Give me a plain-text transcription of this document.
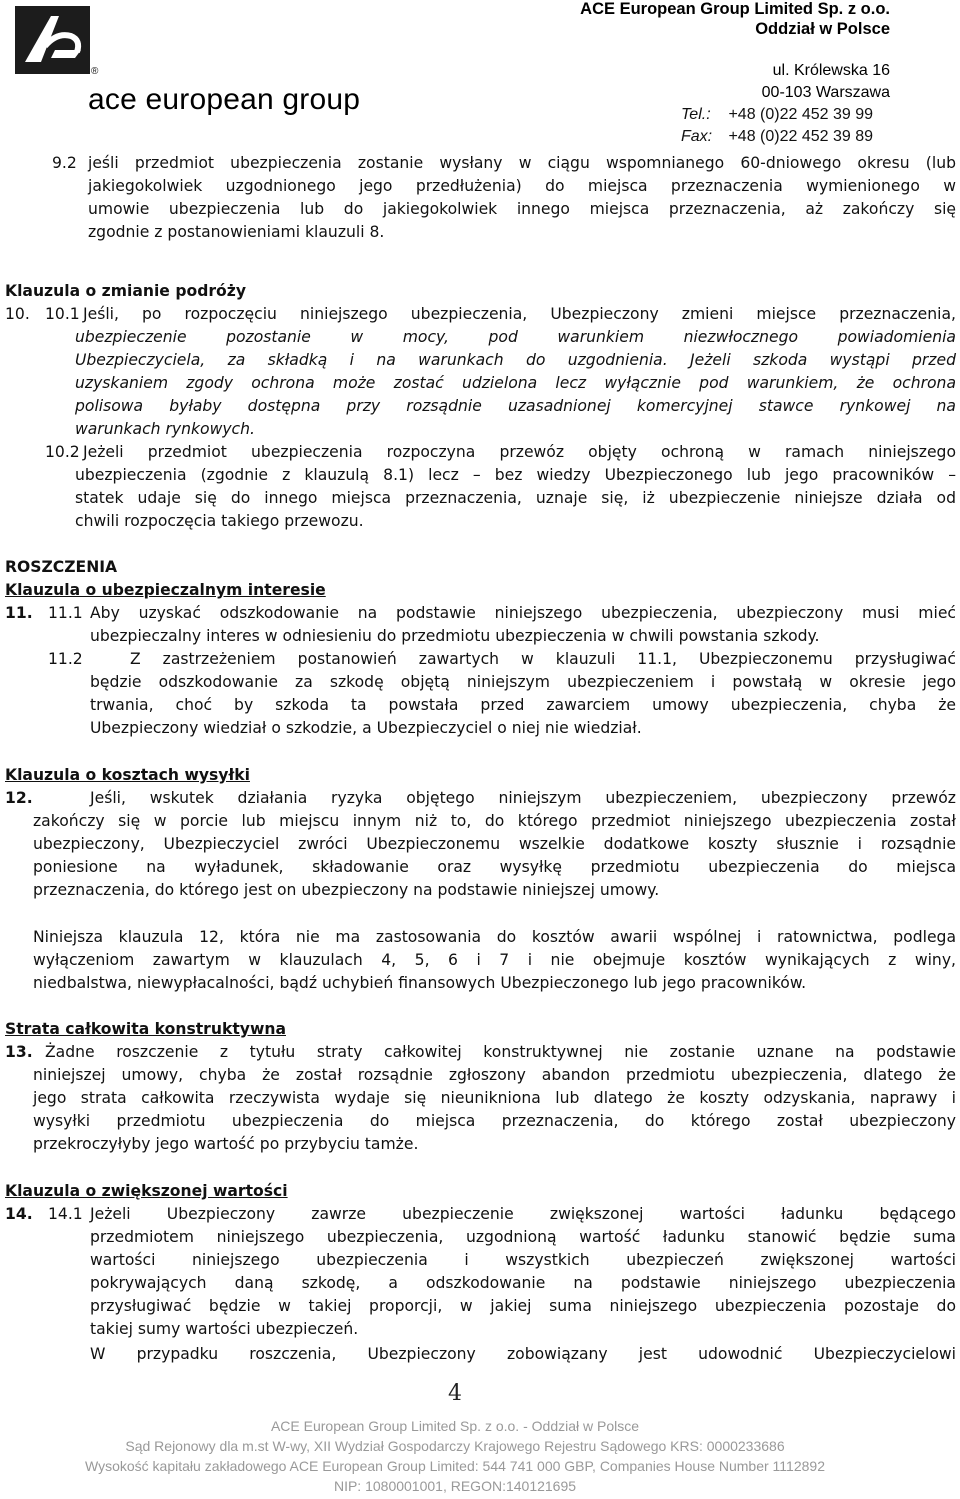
®
ace european group
ACE European Group Limited Sp. z o.o.
Oddział w Polsce
ul. Królewska 16
00-103 Warszawa
Tel.: +48 (0)22 452 39 99
Fax: +48 (0)22 452 39 89
9.2 jeśli przedmiot ubezpieczenia zostanie wysłany w ciągu wspomnianego 60-dniowego okresu (lub
jakiegokolwiek uzgodnionego jego przedłużenia) do miejsca przeznaczenia wymienionego w
umowie ubezpieczenia lub do jakiegokolwiek innego miejsca przeznaczenia, aż zakończy się
zgodnie z postanowieniami klauzuli 8.
Klauzula o zmianie podróży
10. 10.1 Jeśli, po rozpoczęciu niniejszego ubezpieczenia, Ubezpieczony zmieni miejsce przeznaczenia,
ubezpieczenie pozostanie w mocy, pod warunkiem niezwłocznego powiadomienia
Ubezpieczyciela, za składką i na warunkach do uzgodnienia. Jeżeli szkoda wystąpi przed
uzyskaniem zgody ochrona może zostać udzielona lecz wyłącznie pod warunkiem, że ochrona
polisowa byłaby dostępna przy rozsądnie uzasadnionej komercyjnej stawce rynkowej na
warunkach rynkowych.
10.2 Jeżeli przedmiot ubezpieczenia rozpoczyna przewóz objęty ochroną w ramach niniejszego
ubezpieczenia (zgodnie z klauzulą 8.1) lecz – bez wiedzy Ubezpieczonego lub jego pracowników –
statek udaje się do innego miejsca przeznaczenia, uznaje się, iż ubezpieczenie niniejsze działa od
chwili rozpoczęcia takiego przewozu.
ROSZCZENIA
Klauzula o ubezpieczalnym interesie
11. 11.1 Aby uzyskać odszkodowanie na podstawie niniejszego ubezpieczenia, ubezpieczony musi mieć
ubezpieczalny interes w odniesieniu do przedmiotu ubezpieczenia w chwili powstania szkody.
11.2	Z zastrzeżeniem postanowień zawartych w klauzuli 11.1, Ubezpieczonemu przysługiwać
będzie odszkodowanie za szkodę objętą niniejszym ubezpieczeniem i powstałą w okresie jego
trwania, choć by szkoda ta powstała przed zawarciem umowy ubezpieczenia, chyba że
Ubezpieczony wiedział o szkodzie, a Ubezpieczyciel o niej nie wiedział.
Klauzula o kosztach wysyłki
12.	Jeśli, wskutek działania ryzyka objętego niniejszym ubezpieczeniem, ubezpieczony przewóz
zakończy się w porcie lub miejscu innym niż to, do którego przedmiot niniejszego ubezpieczenia został
ubezpieczony, Ubezpieczyciel zwróci Ubezpieczonemu wszelkie dodatkowe koszty słusznie i rozsądnie
poniesione na wyładunek, składowanie oraz wysyłkę przedmiotu ubezpieczenia do miejsca
przeznaczenia, do którego jest on ubezpieczony na podstawie niniejszej umowy.
Niniejsza klauzula 12, która nie ma zastosowania do kosztów awarii wspólnej i ratownictwa, podlega
wyłączeniom zawartym w klauzulach 4, 5, 6 i 7 i nie obejmuje kosztów wynikających z winy,
niedbalstwa, niewypłacalności, bądź uchybień finansowych Ubezpieczonego lub jego pracowników.
Strata całkowita konstruktywna
13. Żadne roszczenie z tytułu straty całkowitej konstruktywnej nie zostanie uznane na podstawie
niniejszej umowy, chyba że został rozsądnie zgłoszony abandon przedmiotu ubezpieczenia, dlatego że
jego strata całkowita rzeczywista wydaje się nieuniknionа lub dlatego że koszty odzyskania, naprawy i
wysyłki przedmiotu ubezpieczenia do miejsca przeznaczenia, do którego został ubezpieczony
przekroczyłyby jego wartość po przybyciu tamże.
Klauzula o zwiększonej wartości
14. 14.1 Jeżeli Ubezpieczony zawrze ubezpieczenie zwiększonej wartości ładunku będącego
przedmiotem niniejszego ubezpieczenia, uzgodnioną wartość ładunku stanowić będzie suma
wartości niniejszego ubezpieczenia i wszystkich ubezpieczeń zwiększonej wartości
pokrywających daną szkodę, a odszkodowanie na podstawie niniejszego ubezpieczenia
przysługiwać będzie w takiej proporcji, w jakiej suma niniejszego ubezpieczenia pozostaje do
takiej sumy wartości ubezpieczeń.
W przypadku roszczenia, Ubezpieczony zobowiązany jest udowodnić Ubezpieczycielowi
4
ACE European Group Limited Sp. z o.o. - Oddział w Polsce
Sąd Rejonowy dla m.st W-wy, XII Wydział Gospodarczy Krajowego Rejestru Sądowego KRS: 0000233686
Wysokość kapitału zakładowego ACE European Group Limited: 544 741 000 GBP, Companies House Number 1112892
NIP: 1080001001, REGON:140121695
